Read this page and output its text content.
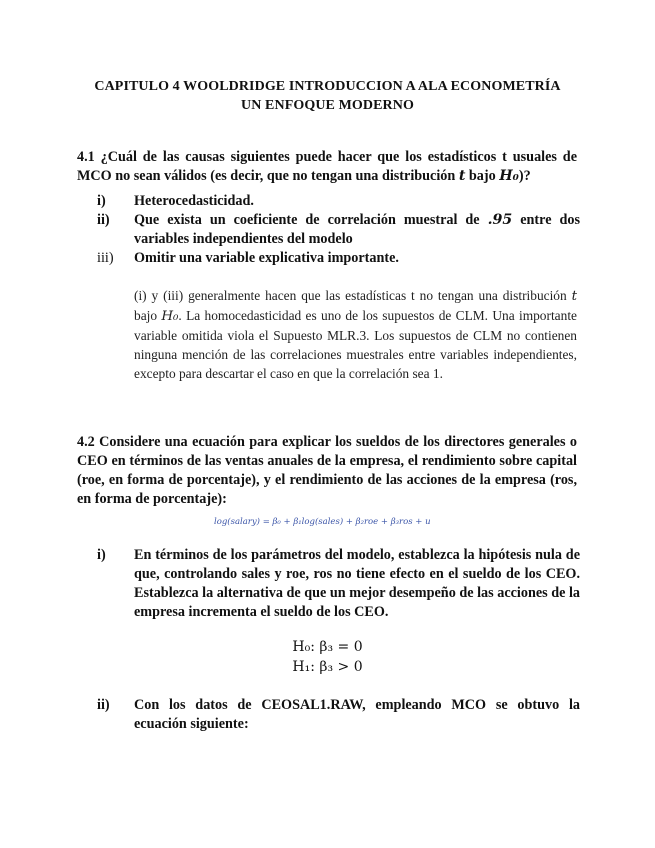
CAPITULO 4 WOOLDRIDGE INTRODUCCION A ALA ECONOMETRÍA
UN ENFOQUE MODERNO
4.1 ¿Cuál de las causas siguientes puede hacer que los estadísticos t usuales de MCO no sean válidos (es decir, que no tengan una distribución t bajo H₀)?
i)	Heterocedasticidad.
ii)	Que exista un coeficiente de correlación muestral de .95 entre dos variables independientes del modelo
iii)	Omitir una variable explicativa importante.
(i) y (iii) generalmente hacen que las estadísticas t no tengan una distribución t bajo H₀. La homocedasticidad es uno de los supuestos de CLM. Una importante variable omitida viola el Supuesto MLR.3. Los supuestos de CLM no contienen ninguna mención de las correlaciones muestrales entre variables independientes, excepto para descartar el caso en que la correlación sea 1.
4.2 Considere una ecuación para explicar los sueldos de los directores generales o CEO en términos de las ventas anuales de la empresa, el rendimiento sobre capital (roe, en forma de porcentaje), y el rendimiento de las acciones de la empresa (ros, en forma de porcentaje):
log(salary) = β₀ + β₁log(sales) + β₂roe + β₃ros + u
i)	En términos de los parámetros del modelo, establezca la hipótesis nula de que, controlando sales y roe, ros no tiene efecto en el sueldo de los CEO. Establezca la alternativa de que un mejor desempeño de las acciones de la empresa incrementa el sueldo de los CEO.
H₀: β₃ = 0
H₁: β₃ > 0
ii)	Con los datos de CEOSAL1.RAW, empleando MCO se obtuvo la ecuación siguiente:
